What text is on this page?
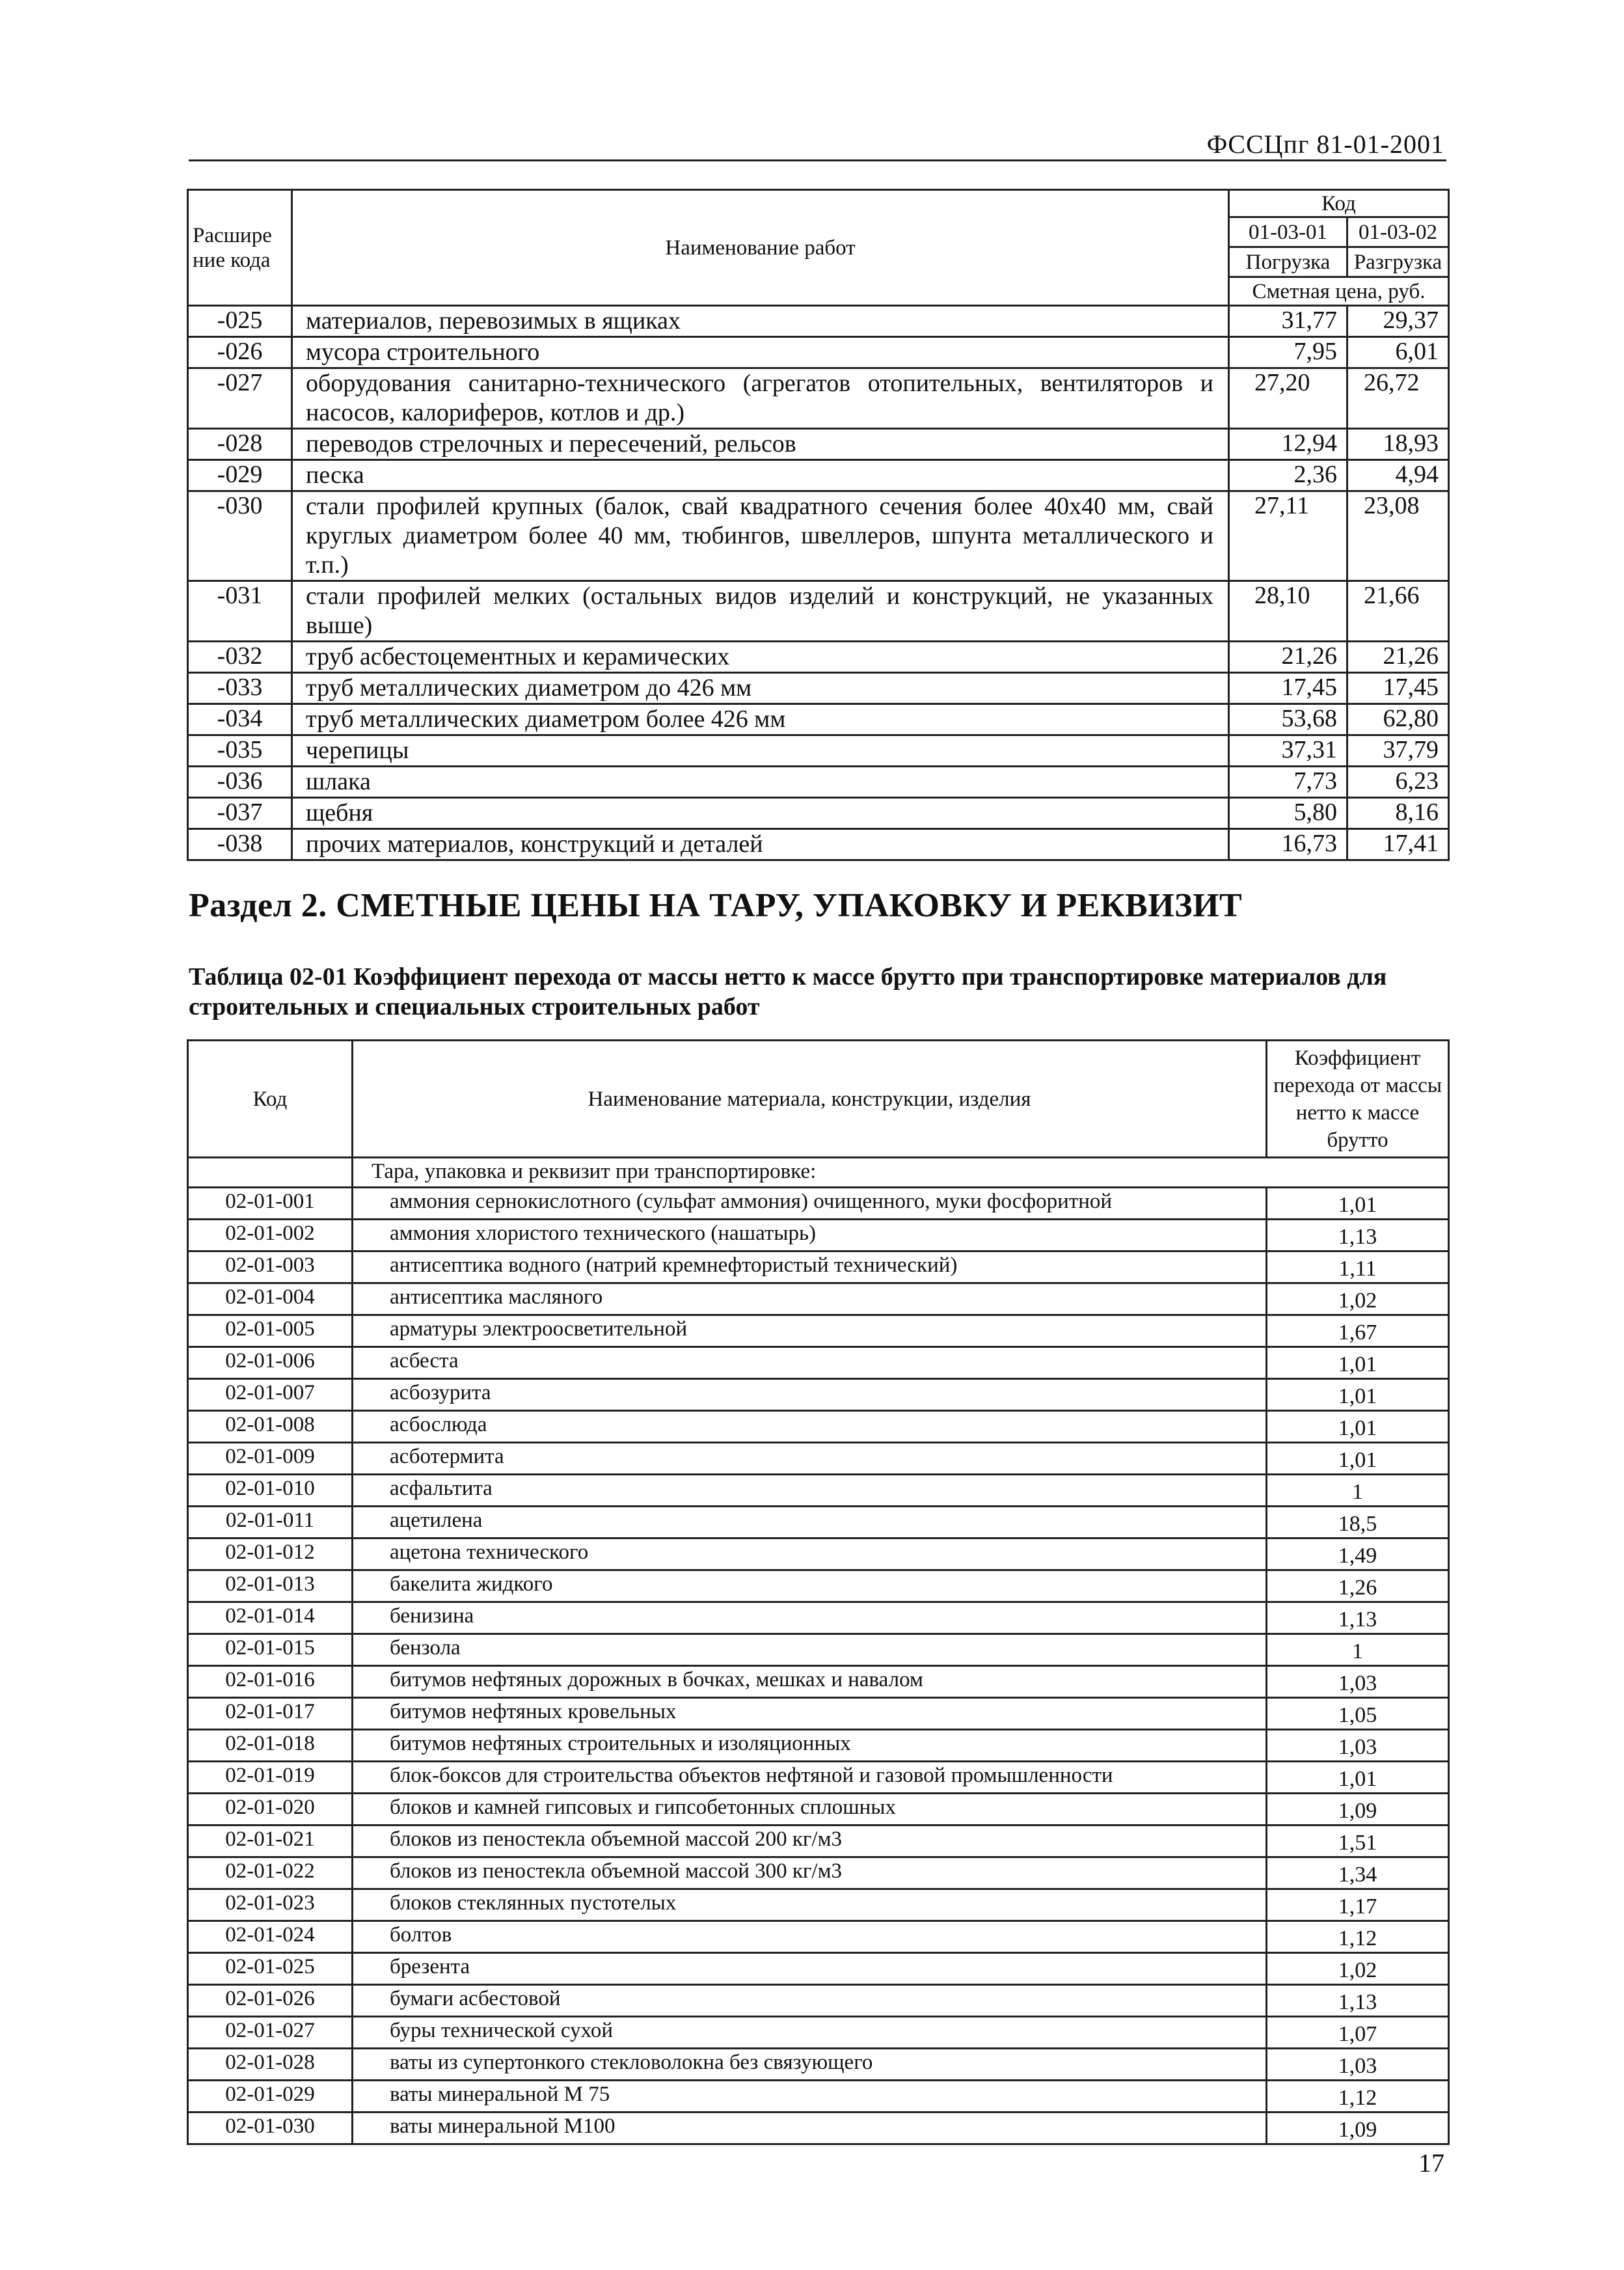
ФССЦпг 81-01-2001
Расшире ние кода	Наименование работ	Код	
		01-03-01	01-03-02
		Погрузка	Разгрузка
		Сметная цена, руб.	
-025	материалов, перевозимых в ящиках	31,77	29,37
-026	мусора строительного	7,95	6,01
-027	оборудования санитарно-технического (агрегатов отопительных, вентиляторов и насосов, калориферов, котлов и др.)	27,20	26,72
-028	переводов стрелочных и пересечений, рельсов	12,94	18,93
-029	песка	2,36	4,94
-030	стали профилей крупных (балок, свай квадратного сечения более 40х40 мм, свай круглых диаметром более 40 мм, тюбингов, швеллеров, шпунта металлического и т.п.)	27,11	23,08
-031	стали профилей мелких (остальных видов изделий и конструкций, не указанных выше)	28,10	21,66
-032	труб асбестоцементных и керамических	21,26	21,26
-033	труб металлических диаметром до 426 мм	17,45	17,45
-034	труб металлических диаметром более 426 мм	53,68	62,80
-035	черепицы	37,31	37,79
-036	шлака	7,73	6,23
-037	щебня	5,80	8,16
-038	прочих материалов, конструкций и деталей	16,73	17,41
Раздел 2. СМЕТНЫЕ ЦЕНЫ НА ТАРУ, УПАКОВКУ И РЕКВИЗИТ
Таблица 02-01 Коэффициент перехода от массы нетто к массе брутто при транспортировке материалов для строительных и специальных строительных работ
Код	Наименование материала, конструкции, изделия	Коэффициент перехода от массы нетто к массе брутто
	Тара, упаковка и реквизит при транспортировке:	
02-01-001	аммония сернокислотного (сульфат аммония) очищенного, муки фосфоритной	1,01
02-01-002	аммония хлористого технического (нашатырь)	1,13
02-01-003	антисептика водного (натрий кремнефтористый технический)	1,11
02-01-004	антисептика масляного	1,02
02-01-005	арматуры электроосветительной	1,67
02-01-006	асбеста	1,01
02-01-007	асбозурита	1,01
02-01-008	асбослюда	1,01
02-01-009	асботермита	1,01
02-01-010	асфальтита	1
02-01-011	ацетилена	18,5
02-01-012	ацетона технического	1,49
02-01-013	бакелита жидкого	1,26
02-01-014	бенизина	1,13
02-01-015	бензола	1
02-01-016	битумов нефтяных дорожных в бочках, мешках и навалом	1,03
02-01-017	битумов нефтяных кровельных	1,05
02-01-018	битумов нефтяных строительных и изоляционных	1,03
02-01-019	блок-боксов для строительства объектов нефтяной и газовой промышленности	1,01
02-01-020	блоков и камней гипсовых и гипсобетонных сплошных	1,09
02-01-021	блоков из пеностекла объемной массой 200 кг/м3	1,51
02-01-022	блоков из пеностекла объемной массой 300 кг/м3	1,34
02-01-023	блоков стеклянных пустотелых	1,17
02-01-024	болтов	1,12
02-01-025	брезента	1,02
02-01-026	бумаги асбестовой	1,13
02-01-027	буры технической сухой	1,07
02-01-028	ваты из супертонкого стекловолокна без связующего	1,03
02-01-029	ваты минеральной М 75	1,12
02-01-030	ваты минеральной М100	1,09
17
